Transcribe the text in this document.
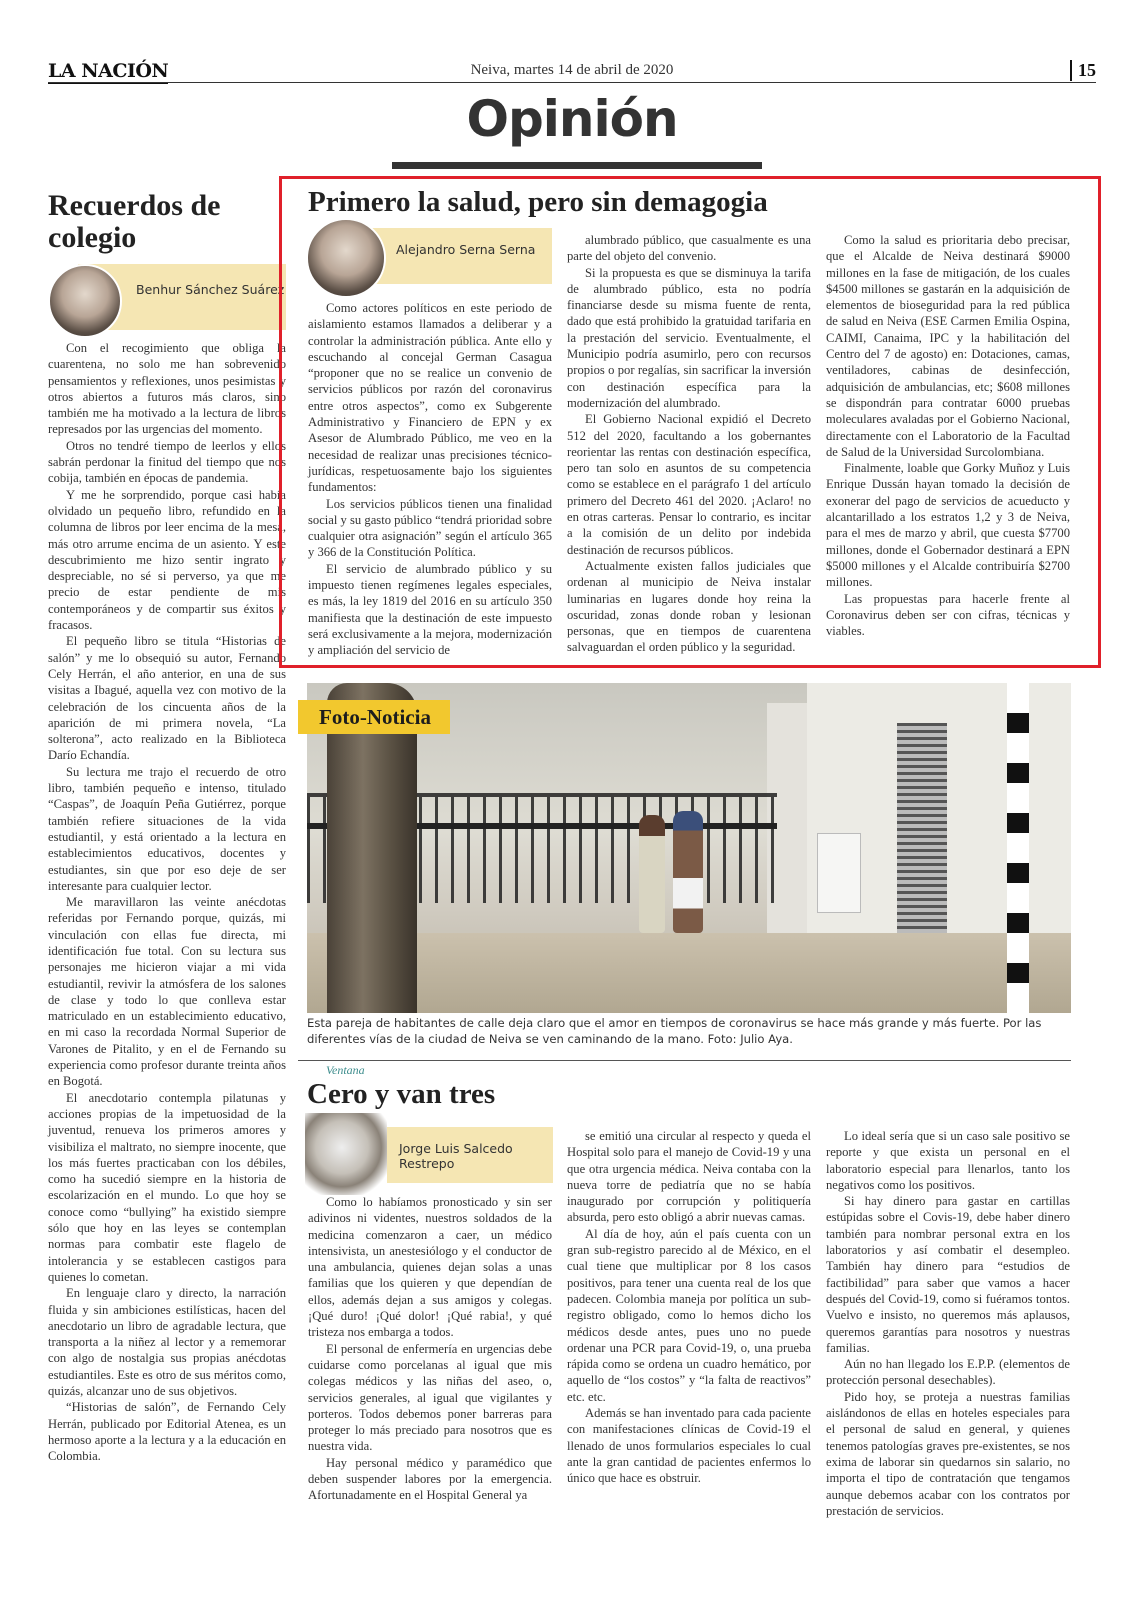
LA NACIÓN	Neiva, martes 14 de abril de 2020	15
Opinión
Recuerdos de colegio
Benhur Sánchez Suárez

Con el recogimiento que obliga la cuarentena, no solo me han sobrevenido pensamientos y reflexiones, unos pesimistas y otros abiertos a futuros más claros, sino también me ha motivado a la lectura de libros represados por las urgencias del momento.

Otros no tendré tiempo de leerlos y ellos sabrán perdonar la finitud del tiempo que nos cobija, también en épocas de pandemia.

Y me he sorprendido, porque casi había olvidado un pequeño libro, refundido en la columna de libros por leer encima de la mesa, más otro arrume encima de un asiento. Y este descubrimiento me hizo sentir ingrato y despreciable, no sé si perverso, ya que me precio de estar pendiente de mis contemporáneos y de compartir sus éxitos y fracasos.

El pequeño libro se titula “Historias de salón” y me lo obsequió su autor, Fernando Cely Herrán, el año anterior, en una de sus visitas a Ibagué, aquella vez con motivo de la celebración de los cincuenta años de la aparición de mi primera novela, “La solterona”, acto realizado en la Biblioteca Darío Echandía.

Su lectura me trajo el recuerdo de otro libro, también pequeño e intenso, titulado “Caspas”, de Joaquín Peña Gutiérrez, porque también refiere situaciones de la vida estudiantil, y está orientado a la lectura en establecimientos educativos, docentes y estudiantes, sin que por eso deje de ser interesante para cualquier lector.

Me maravillaron las veinte anécdotas referidas por Fernando porque, quizás, mi vinculación con ellas fue directa, mi identificación fue total. Con su lectura sus personajes me hicieron viajar a mi vida estudiantil, revivir la atmósfera de los salones de clase y todo lo que conlleva estar matriculado en un establecimiento educativo, en mi caso la recordada Normal Superior de Varones de Pitalito, y en el de Fernando su experiencia como profesor durante treinta años en Bogotá.

El anecdotario contempla pilatunas y acciones propias de la impetuosidad de la juventud, renueva los primeros amores y visibiliza el maltrato, no siempre inocente, que los más fuertes practicaban con los débiles, como ha sucedió siempre en la historia de escolarización en el mundo. Lo que hoy se conoce como “bullying” ha existido siempre sólo que hoy en las leyes se contemplan normas para combatir este flagelo de intolerancia y se establecen castigos para quienes lo cometan.

En lenguaje claro y directo, la narración fluida y sin ambiciones estilísticas, hacen del anecdotario un libro de agradable lectura, que transporta a la niñez al lector y a rememorar con algo de nostalgia sus propias anécdotas estudiantiles. Este es otro de sus méritos como, quizás, alcanzar uno de sus objetivos.

“Historias de salón”, de Fernando Cely Herrán, publicado por Editorial Atenea, es un hermoso aporte a la lectura y a la educación en Colombia.

Primero la salud, pero sin demagogia
Alejandro Serna Serna

Como actores políticos en este periodo de aislamiento estamos llamados a deliberar y a controlar la administración pública. Ante ello y escuchando al concejal German Casagua “proponer que no se realice un convenio de servicios públicos por razón del coronavirus entre otros aspectos”, como ex Subgerente Administrativo y Financiero de EPN y ex Asesor de Alumbrado Público, me veo en la necesidad de realizar unas precisiones técnico-jurídicas, respetuosamente bajo los siguientes fundamentos:

Los servicios públicos tienen una finalidad social y su gasto público “tendrá prioridad sobre cualquier otra asignación” según el artículo 365 y 366 de la Constitución Política.

El servicio de alumbrado público y su impuesto tienen regímenes legales especiales, es más, la ley 1819 del 2016 en su artículo 350 manifiesta que la destinación de este impuesto será exclusivamente a la mejora, modernización y ampliación del servicio de

alumbrado público, que casualmente es una parte del objeto del convenio.

Si la propuesta es que se disminuya la tarifa de alumbrado público, esta no podría financiarse desde su misma fuente de renta, dado que está prohibido la gratuidad tarifaria en la prestación del servicio. Eventualmente, el Municipio podría asumirlo, pero con recursos propios o por regalías, sin sacrificar la inversión con destinación específica para la modernización del alumbrado.

El Gobierno Nacional expidió el Decreto 512 del 2020, facultando a los gobernantes reorientar las rentas con destinación específica, pero tan solo en asuntos de su competencia como se establece en el parágrafo 1 del artículo primero del Decreto 461 del 2020. ¡Aclaro! no en otras carteras. Pensar lo contrario, es incitar a la comisión de un delito por indebida destinación de recursos públicos.

Actualmente existen fallos judiciales que ordenan al municipio de Neiva instalar luminarias en lugares donde hoy reina la oscuridad, zonas donde roban y lesionan personas, que en tiempos de cuarentena salvaguardan el orden público y la seguridad.

Como la salud es prioritaria debo precisar, que el Alcalde de Neiva destinará $9000 millones en la fase de mitigación, de los cuales $4500 millones se gastarán en la adquisición de elementos de bioseguridad para la red pública de salud en Neiva (ESE Carmen Emilia Ospina, CAIMI, Canaima, IPC y la habilitación del Centro del 7 de agosto) en: Dotaciones, camas, ventiladores, cabinas de desinfección, adquisición de ambulancias, etc; $608 millones se dispondrán para contratar 6000 pruebas moleculares avaladas por el Gobierno Nacional, directamente con el Laboratorio de la Facultad de Salud de la Universidad Surcolombiana.

Finalmente, loable que Gorky Muñoz y Luis Enrique Dussán hayan tomado la decisión de exonerar del pago de servicios de acueducto y alcantarillado a los estratos 1,2 y 3 de Neiva, para el mes de marzo y abril, que cuesta $7700 millones, donde el Gobernador destinará a EPN $5000 millones y el Alcalde contribuiría $2700 millones.

Las propuestas para hacerle frente al Coronavirus deben ser con cifras, técnicas y viables.

Foto-Noticia
Esta pareja de habitantes de calle deja claro que el amor en tiempos de coronavirus se hace más grande y más fuerte. Por las diferentes vías de la ciudad de Neiva se ven caminando de la mano. Foto: Julio Aya.
Ventana
Cero y van tres
Jorge Luis Salcedo Restrepo

Como lo habíamos pronosticado y sin ser adivinos ni videntes, nuestros soldados de la medicina comenzaron a caer, un médico intensivista, un anestesiólogo y el conductor de una ambulancia, quienes dejan solas a unas familias que los quieren y que dependían de ellos, además dejan a sus amigos y colegas. ¡Qué duro! ¡Qué dolor! ¡Qué rabia!, y qué tristeza nos embarga a todos.

El personal de enfermería en urgencias debe cuidarse como porcelanas al igual que mis colegas médicos y las niñas del aseo, o, servicios generales, al igual que vigilantes y porteros. Todos debemos poner barreras para proteger lo más preciado para nosotros que es nuestra vida.

Hay personal médico y paramédico que deben suspender labores por la emergencia. Afortunadamente en el Hospital General ya

se emitió una circular al respecto y queda el Hospital solo para el manejo de Covid-19 y una que otra urgencia médica. Neiva contaba con la nueva torre de pediatría que no se había inaugurado por corrupción y politiquería absurda, pero esto obligó a abrir nuevas camas.

Al día de hoy, aún el país cuenta con un gran sub-registro parecido al de México, en el cual tiene que multiplicar por 8 los casos positivos, para tener una cuenta real de los que padecen. Colombia maneja por política un sub-registro obligado, como lo hemos dicho los médicos desde antes, pues uno no puede ordenar una PCR para Covid-19, o, una prueba rápida como se ordena un cuadro hemático, por aquello de “los costos” y “la falta de reactivos” etc. etc.

Además se han inventado para cada paciente con manifestaciones clínicas de Covid-19 el llenado de unos formularios especiales lo cual ante la gran cantidad de pacientes enfermos lo único que hace es obstruir.

Lo ideal sería que si un caso sale positivo se reporte y que exista un personal en el laboratorio especial para llenarlos, tanto los negativos como los positivos.

Si hay dinero para gastar en cartillas estúpidas sobre el Covis-19, debe haber dinero también para nombrar personal extra en los laboratorios y así combatir el desempleo. También hay dinero para “estudios de factibilidad” para saber que vamos a hacer después del Covid-19, como si fuéramos tontos. Vuelvo e insisto, no queremos más aplausos, queremos garantías para nosotros y nuestras familias.

Aún no han llegado los E.P.P. (elementos de protección personal desechables).

Pido hoy, se proteja a nuestras familias aislándonos de ellas en hoteles especiales para el personal de salud en general, y quienes tenemos patologías graves pre-existentes, se nos exima de laborar sin quedarnos sin salario, no importa el tipo de contratación que tengamos aunque debemos acabar con los contratos por prestación de servicios.
